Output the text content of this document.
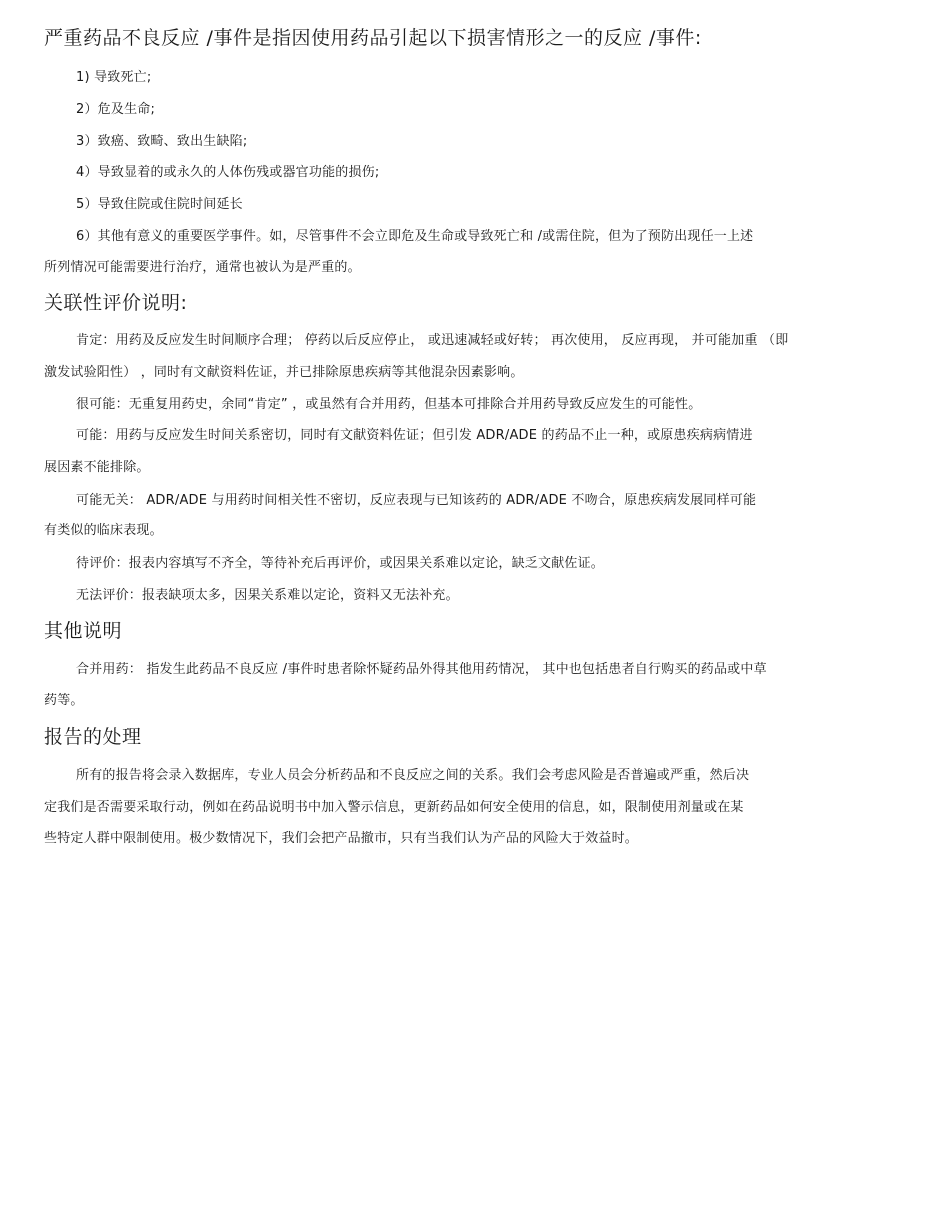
严重药品不良反应 /事件是指因使用药品引起以下损害情形之一的反应 /事件:
1) 导致死亡;
2）危及生命;
3）致癌、致畸、致出生缺陷;
4）导致显着的或永久的人体伤残或器官功能的损伤;
5）导致住院或住院时间延长
6）其他有意义的重要医学事件。如，尽管事件不会立即危及生命或导致死亡和 /或需住院，但为了预防出现任一上述
所列情况可能需要进行治疗，通常也被认为是严重的。
关联性评价说明:
肯定：用药及反应发生时间顺序合理； 停药以后反应停止， 或迅速减轻或好转； 再次使用， 反应再现， 并可能加重 （即
激发试验阳性） ，同时有文献资料佐证，并已排除原患疾病等其他混杂因素影响。
很可能：无重复用药史，余同“肯定” ，或虽然有合并用药，但基本可排除合并用药导致反应发生的可能性。
可能：用药与反应发生时间关系密切，同时有文献资料佐证；但引发 ADR/ADE 的药品不止一种，或原患疾病病情进
展因素不能排除。
可能无关： ADR/ADE 与用药时间相关性不密切，反应表现与已知该药的 ADR/ADE 不吻合，原患疾病发展同样可能
有类似的临床表现。
待评价：报表内容填写不齐全，等待补充后再评价，或因果关系难以定论，缺乏文献佐证。
无法评价：报表缺项太多，因果关系难以定论，资料又无法补充。
其他说明
合并用药： 指发生此药品不良反应 /事件时患者除怀疑药品外得其他用药情况， 其中也包括患者自行购买的药品或中草
药等。
报告的处理
所有的报告将会录入数据库，专业人员会分析药品和不良反应之间的关系。我们会考虑风险是否普遍或严重，然后决
定我们是否需要采取行动，例如在药品说明书中加入警示信息，更新药品如何安全使用的信息，如，限制使用剂量或在某
些特定人群中限制使用。极少数情况下，我们会把产品撤市，只有当我们认为产品的风险大于效益时。
